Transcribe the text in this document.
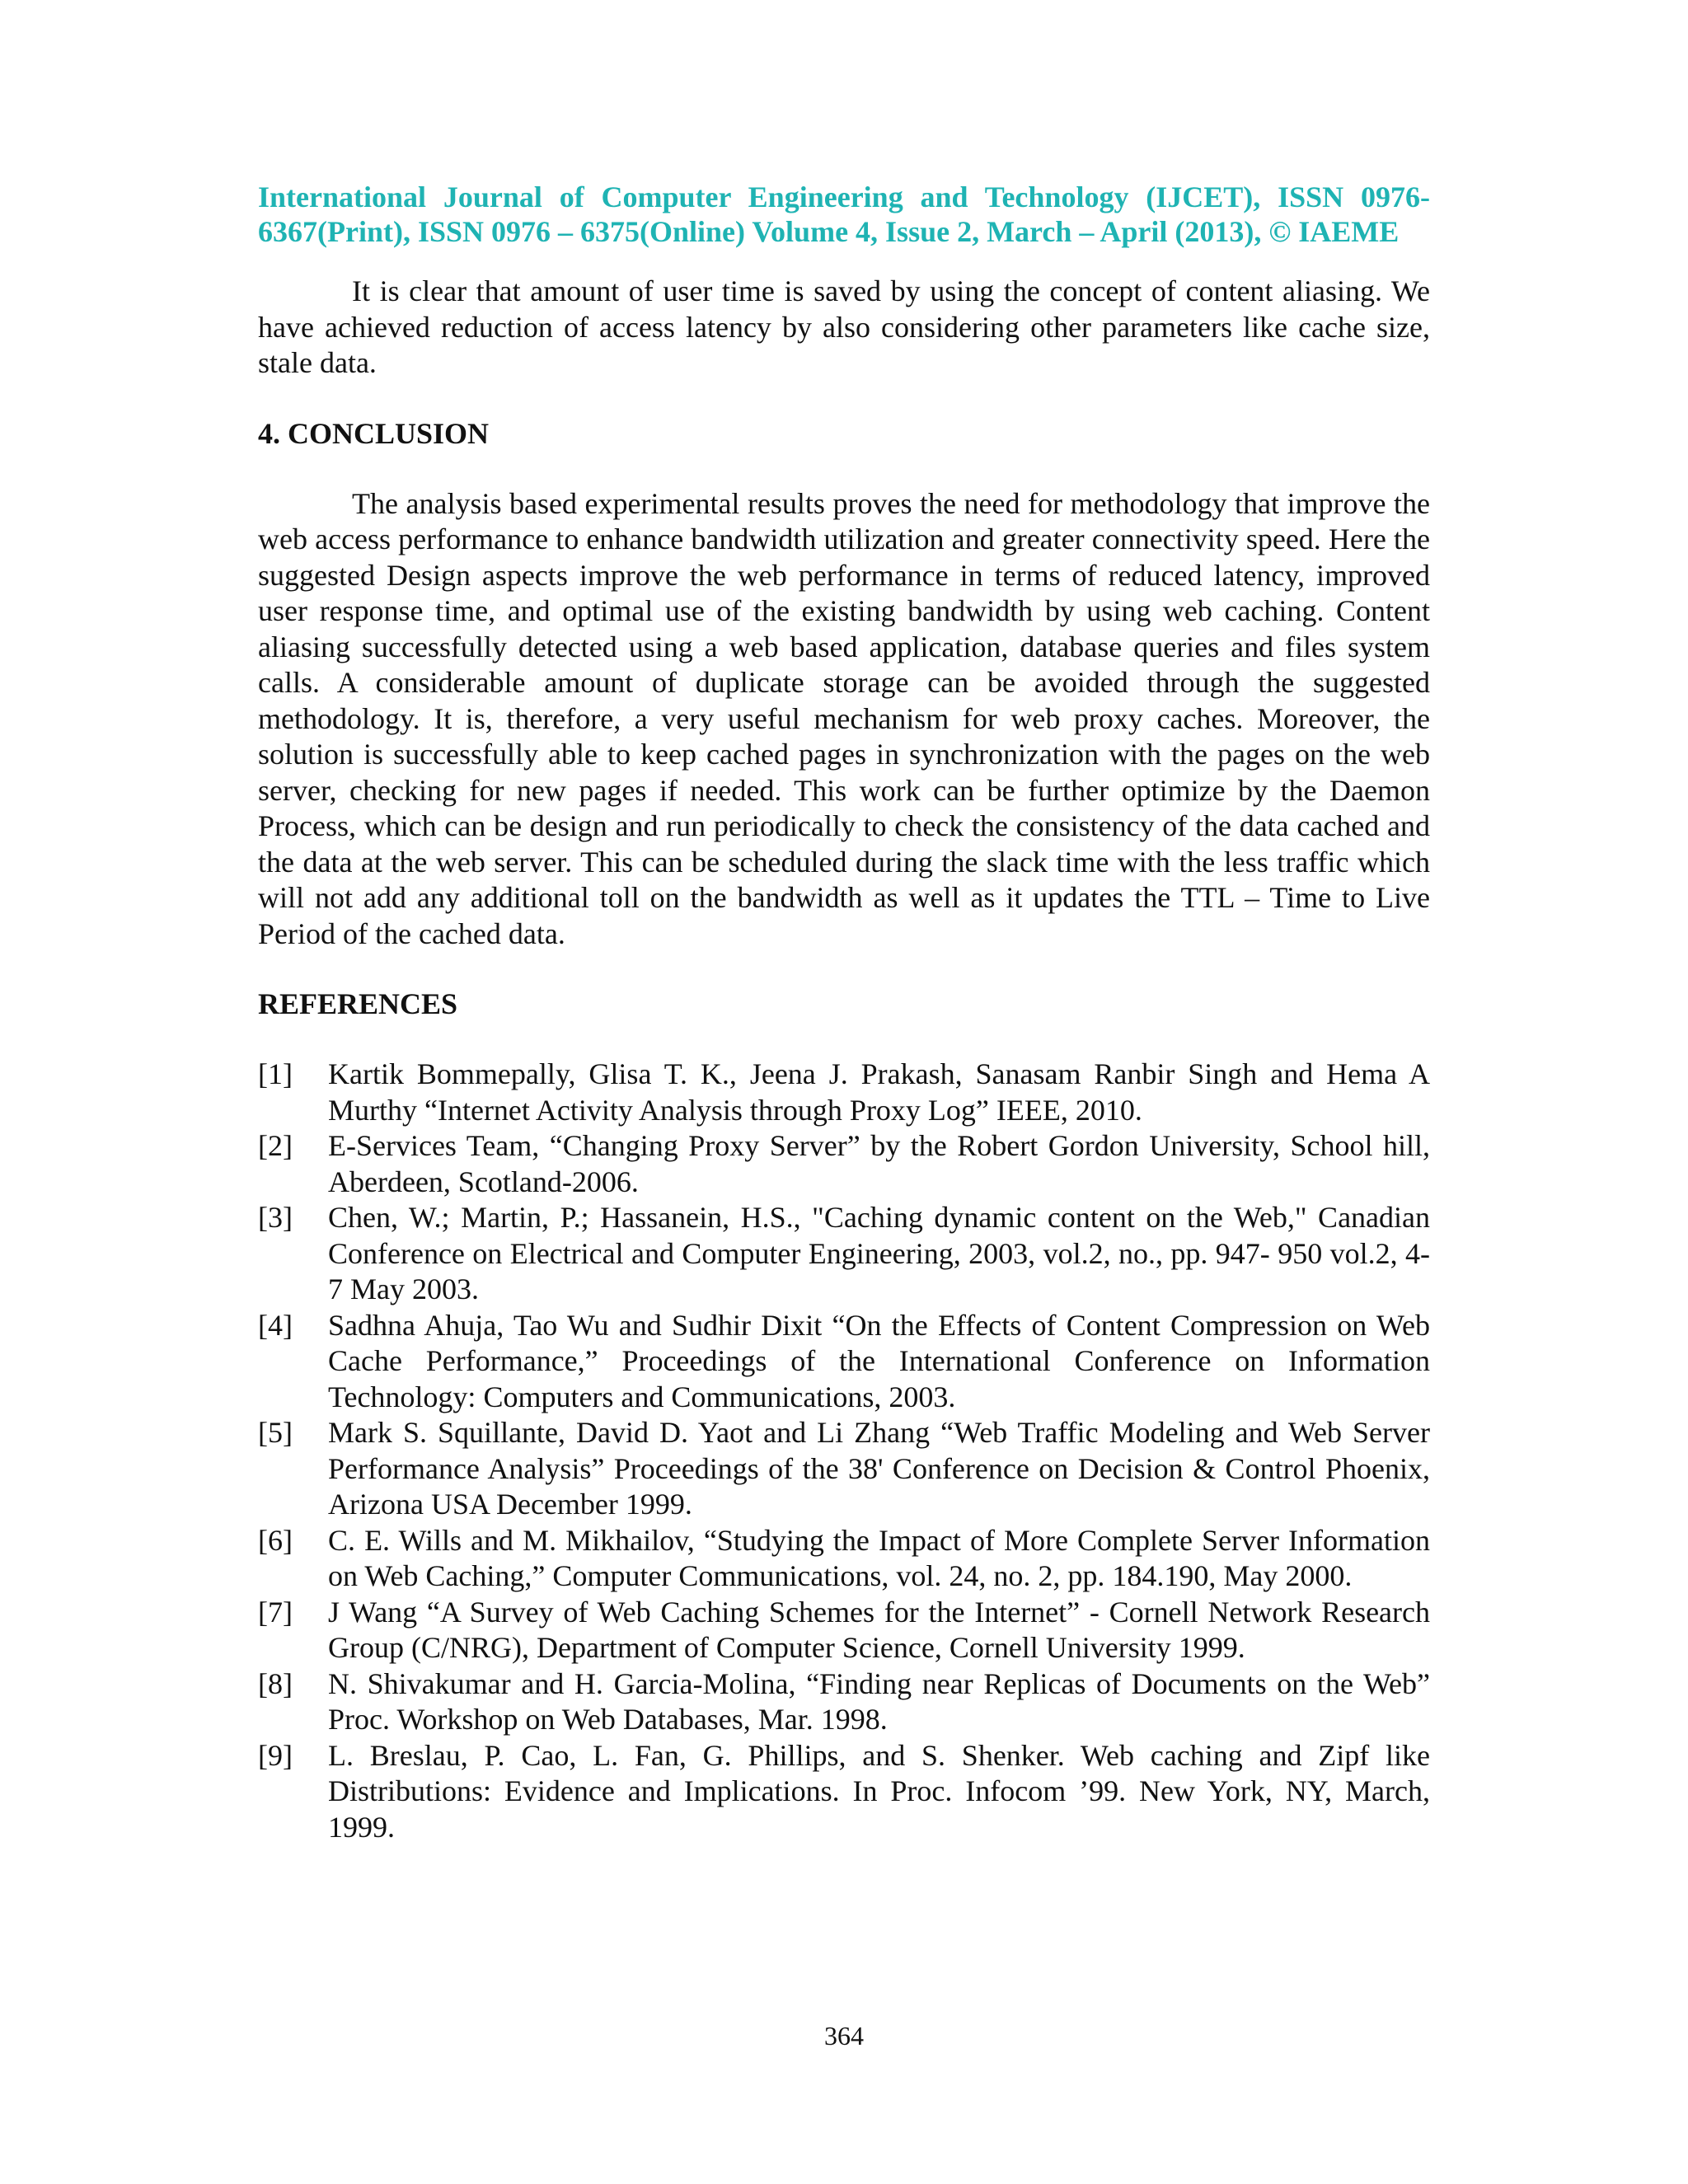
International Journal of Computer Engineering and Technology (IJCET), ISSN 0976-6367(Print), ISSN 0976 – 6375(Online) Volume 4, Issue 2, March – April (2013), © IAEME

It is clear that amount of user time is saved by using the concept of content aliasing. We have achieved reduction of access latency by also considering other parameters like cache size, stale data.

4. CONCLUSION

The analysis based experimental results proves the need for methodology that improve the web access performance to enhance bandwidth utilization and greater connectivity speed. Here the suggested Design aspects improve the web performance in terms of reduced latency, improved user response time, and optimal use of the existing bandwidth by using web caching. Content aliasing successfully detected using a web based application, database queries and files system calls. A considerable amount of duplicate storage can be avoided through the suggested methodology. It is, therefore, a very useful mechanism for web proxy caches. Moreover, the solution is successfully able to keep cached pages in synchronization with the pages on the web server, checking for new pages if needed. This work can be further optimize by the Daemon Process, which can be design and run periodically to check the consistency of the data cached and the data at the web server. This can be scheduled during the slack time with the less traffic which will not add any additional toll on the bandwidth as well as it updates the TTL – Time to Live Period of the cached data.

REFERENCES
[1] Kartik Bommepally, Glisa T. K., Jeena J. Prakash, Sanasam Ranbir Singh and Hema A Murthy “Internet Activity Analysis through Proxy Log” IEEE, 2010.
[2] E-Services Team, “Changing Proxy Server” by the Robert Gordon University, School hill, Aberdeen, Scotland-2006.
[3] Chen, W.; Martin, P.; Hassanein, H.S., "Caching dynamic content on the Web," Canadian Conference on Electrical and Computer Engineering, 2003, vol.2, no., pp. 947- 950 vol.2, 4-7 May 2003.
[4] Sadhna Ahuja, Tao Wu and Sudhir Dixit “On the Effects of Content Compression on Web Cache Performance,” Proceedings of the International Conference on Information Technology: Computers and Communications, 2003.
[5] Mark S. Squillante, David D. Yaot and Li Zhang “Web Traffic Modeling and Web Server Performance Analysis” Proceedings of the 38' Conference on Decision & Control Phoenix, Arizona USA December 1999.
[6] C. E. Wills and M. Mikhailov, “Studying the Impact of More Complete Server Information on Web Caching,” Computer Communications, vol. 24, no. 2, pp. 184.190, May 2000.
[7] J Wang “A Survey of Web Caching Schemes for the Internet” - Cornell Network Research Group (C/NRG), Department of Computer Science, Cornell University 1999.
[8] N. Shivakumar and H. Garcia-Molina, “Finding near Replicas of Documents on the Web” Proc. Workshop on Web Databases, Mar. 1998.
[9] L. Breslau, P. Cao, L. Fan, G. Phillips, and S. Shenker. Web caching and Zipf like Distributions: Evidence and Implications. In Proc. Infocom ’99. New York, NY, March, 1999.

364
